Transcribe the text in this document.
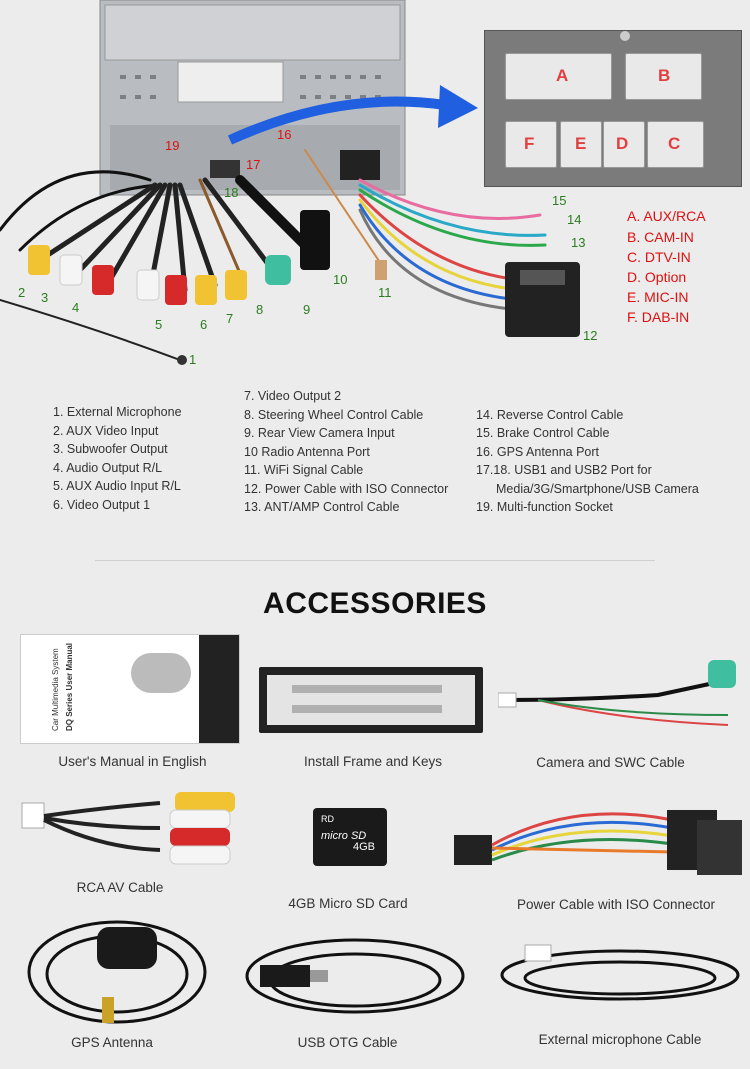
1
2 3
4
5	6 7
8	9
10
11
12
13
14
15
16
17
18
19
A	B
F E D C
A. AUX/RCA
B. CAM-IN
C. DTV-IN
D. Option
E. MIC-IN
F. DAB-IN
1. External Microphone
2. AUX Video Input
3. Subwoofer Output
4. Audio Output R/L
5. AUX Audio Input R/L
6. Video Output 1
7. Video Output 2
8. Steering Wheel Control Cable
9. Rear View Camera Input
10 Radio Antenna Port
11. WiFi Signal Cable
12. Power Cable with ISO Connector
13. ANT/AMP Control Cable
14. Reverse Control Cable
15. Brake Control Cable
16. GPS Antenna Port
17.18. USB1 and USB2 Port for
Media/3G/Smartphone/USB Camera
19. Multi-function Socket
ACCESSORIES
Car Multimedia System DQ Series User Manual
User's Manual in English	Install Frame and Keys	Camera and SWC Cable
RCA AV Cable
RD
micro SD
4GB
4GB Micro SD Card	Power Cable with ISO Connector
GPS Antenna	USB OTG Cable	External microphone Cable
